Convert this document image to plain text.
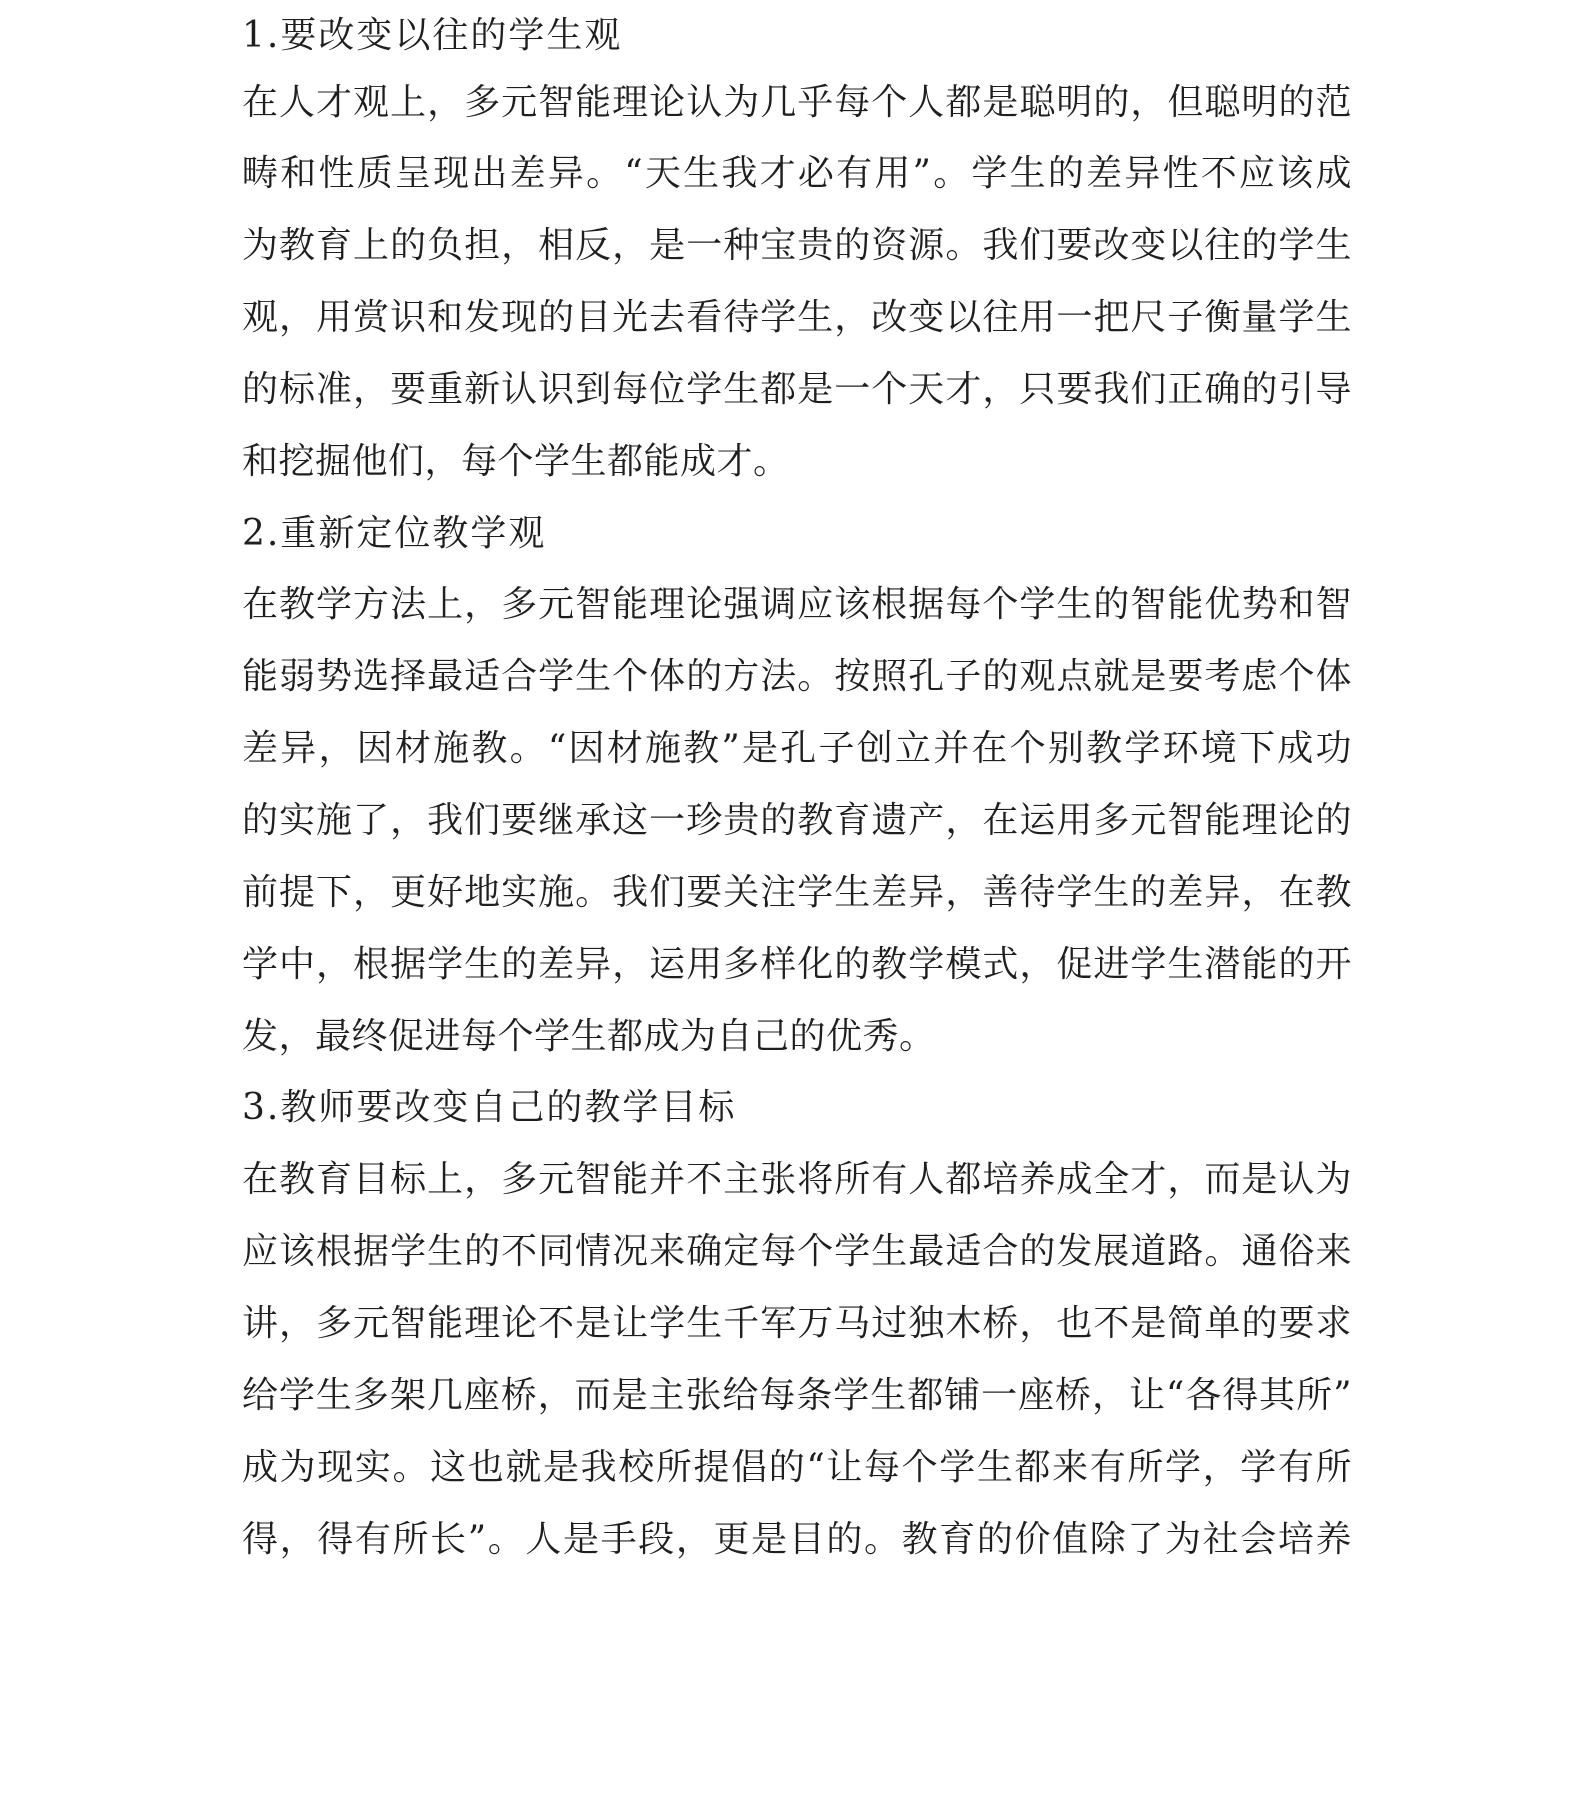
1.要改变以往的学生观
在人才观上，多元智能理论认为几乎每个人都是聪明的，但聪明的范
畴和性质呈现出差异。“天生我才必有用”。学生的差异性不应该成
为教育上的负担，相反，是一种宝贵的资源。我们要改变以往的学生
观，用赏识和发现的目光去看待学生，改变以往用一把尺子衡量学生
的标准，要重新认识到每位学生都是一个天才，只要我们正确的引导
和挖掘他们，每个学生都能成才。
2.重新定位教学观
在教学方法上，多元智能理论强调应该根据每个学生的智能优势和智
能弱势选择最适合学生个体的方法。按照孔子的观点就是要考虑个体
差异，因材施教。“因材施教”是孔子创立并在个别教学环境下成功
的实施了，我们要继承这一珍贵的教育遗产，在运用多元智能理论的
前提下，更好地实施。我们要关注学生差异，善待学生的差异，在教
学中，根据学生的差异，运用多样化的教学模式，促进学生潜能的开
发，最终促进每个学生都成为自己的优秀。
3.教师要改变自己的教学目标
在教育目标上，多元智能并不主张将所有人都培养成全才，而是认为
应该根据学生的不同情况来确定每个学生最适合的发展道路。通俗来
讲，多元智能理论不是让学生千军万马过独木桥，也不是简单的要求
给学生多架几座桥，而是主张给每条学生都铺一座桥，让“各得其所”
成为现实。这也就是我校所提倡的“让每个学生都来有所学，学有所
得，得有所长”。人是手段，更是目的。教育的价值除了为社会培养
